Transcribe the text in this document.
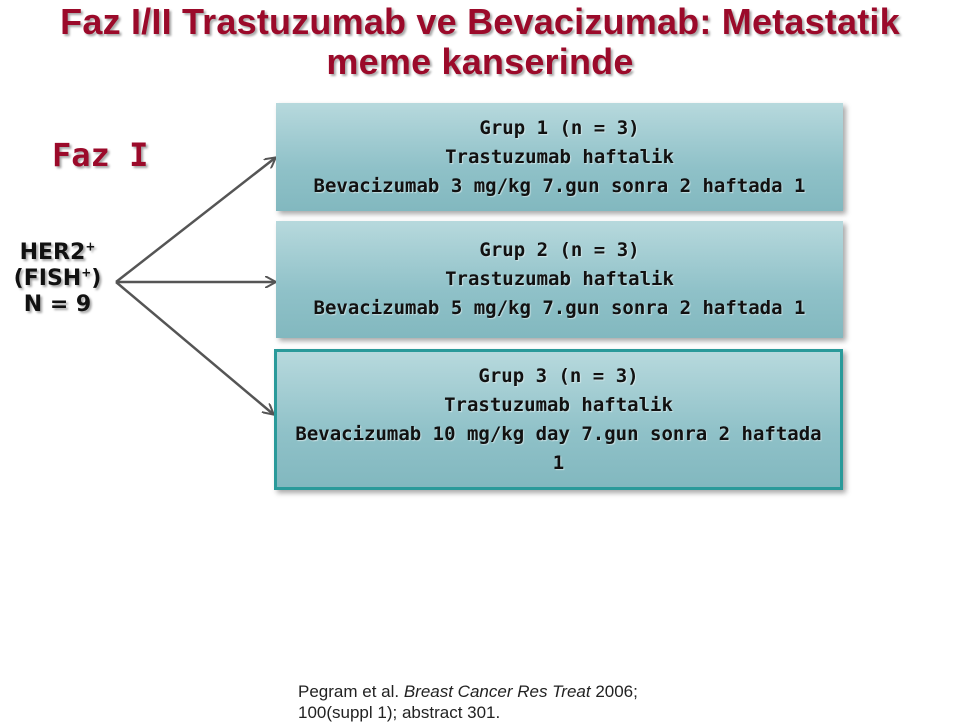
Faz I/II Trastuzumab ve Bevacizumab: Metastatik
meme kanserinde
Faz I
HER2+
(FISH+)
N = 9
Grup 1 (n = 3)
Trastuzumab haftalik
Bevacizumab 3 mg/kg 7.gun sonra 2 haftada 1
Grup 2 (n = 3)
Trastuzumab haftalik
Bevacizumab 5 mg/kg 7.gun sonra 2 haftada 1
Grup 3 (n = 3)
Trastuzumab haftalik
Bevacizumab 10 mg/kg day 7.gun sonra 2 haftada
1
Pegram et al. Breast Cancer Res Treat 2006;
100(suppl 1); abstract 301.
